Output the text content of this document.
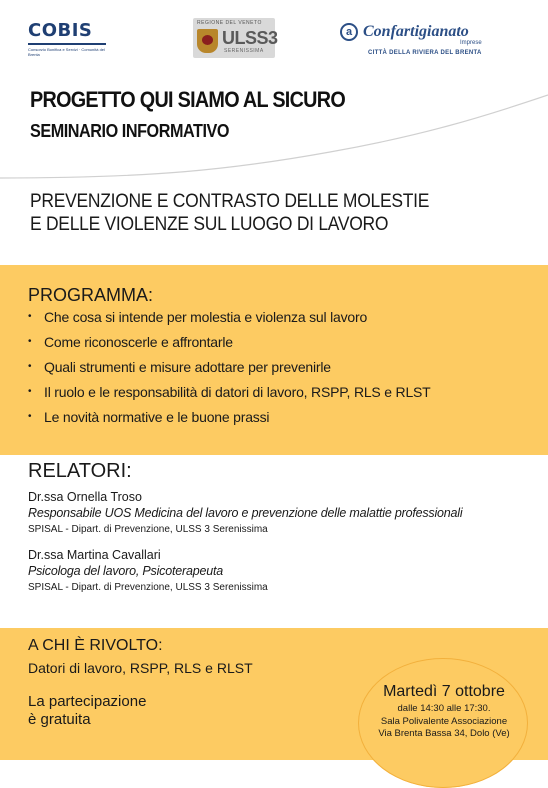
COBIS
Consorzio Bonifica e Servizi · Comunità del Brenta
REGIONE DEL VENETO
ULSS3
SERENISSIMA
a Confartigianato
Imprese
CITTÀ DELLA RIVIERA DEL BRENTA
PROGETTO QUI SIAMO AL SICURO
SEMINARIO INFORMATIVO
PREVENZIONE E CONTRASTO DELLE MOLESTIE
E DELLE VIOLENZE SUL LUOGO DI LAVORO
PROGRAMMA:
• Che cosa si intende per molestia e violenza sul lavoro
• Come riconoscerle e affrontarle
• Quali strumenti e misure adottare per prevenirle
• Il ruolo e le responsabilità di datori di lavoro, RSPP, RLS e RLST
• Le novità normative e le buone prassi
RELATORI:
Dr.ssa Ornella Troso
Responsabile UOS Medicina del lavoro e prevenzione delle malattie professionali
SPISAL - Dipart. di Prevenzione, ULSS 3 Serenissima
Dr.ssa Martina Cavallari
Psicologa del lavoro, Psicoterapeuta
SPISAL - Dipart. di Prevenzione, ULSS 3 Serenissima
A CHI È RIVOLTO:
Datori di lavoro, RSPP, RLS e RLST
La partecipazione
è gratuita
Martedì 7 ottobre
dalle 14:30 alle 17:30.
Sala Polivalente Associazione
Via Brenta Bassa 34, Dolo (Ve)
